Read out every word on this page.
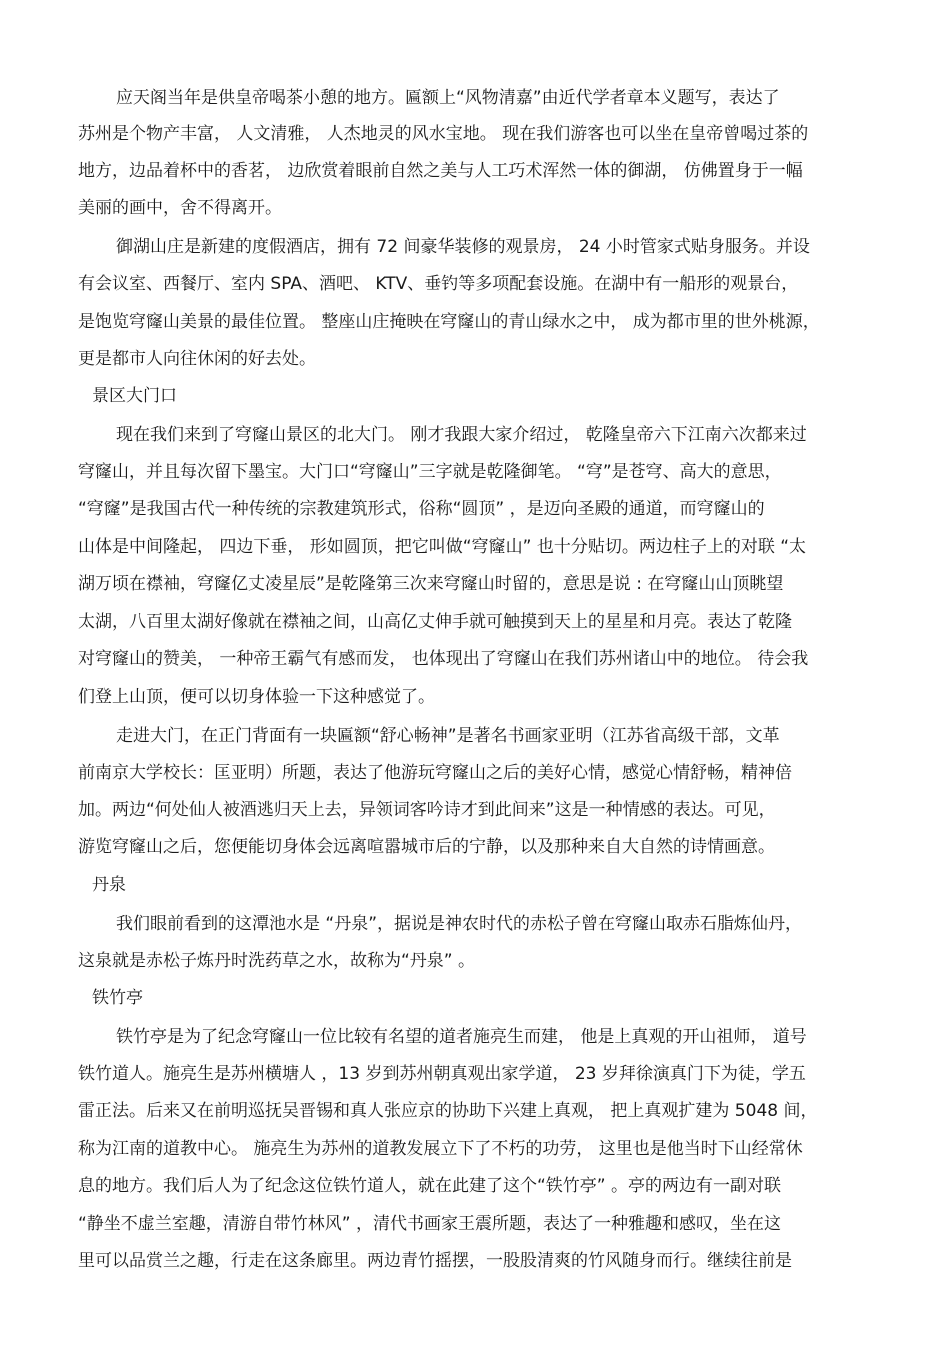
应天阁当年是供皇帝喝茶小憩的地方。匾额上“风物清嘉”由近代学者章本义题写，表达了
苏州是个物产丰富， 人文清雅， 人杰地灵的风水宝地。 现在我们游客也可以坐在皇帝曾喝过茶的
地方，边品着杯中的香茗， 边欣赏着眼前自然之美与人工巧术浑然一体的御湖， 仿佛置身于一幅
美丽的画中，舍不得离开。
御湖山庄是新建的度假酒店，拥有 72 间豪华装修的观景房， 24 小时管家式贴身服务。并设
有会议室、西餐厅、室内 SPA、酒吧、 KTV、垂钓等多项配套设施。在湖中有一船形的观景台，
是饱览穹窿山美景的最佳位置。 整座山庄掩映在穹窿山的青山绿水之中， 成为都市里的世外桃源，
更是都市人向往休闲的好去处。
景区大门口
现在我们来到了穹窿山景区的北大门。 刚才我跟大家介绍过， 乾隆皇帝六下江南六次都来过
穹窿山，并且每次留下墨宝。大门口“穹窿山”三字就是乾隆御笔。 “穹”是苍穹、高大的意思，
“穹窿”是我国古代一种传统的宗教建筑形式，俗称“圆顶” ，是迈向圣殿的通道，而穹窿山的
山体是中间隆起， 四边下垂， 形如圆顶，把它叫做“穹窿山” 也十分贴切。两边柱子上的对联 “太
湖万顷在襟袖，穹窿亿丈凌星辰”是乾隆第三次来穹窿山时留的，意思是说 : 在穹窿山山顶眺望
太湖，八百里太湖好像就在襟袖之间，山高亿丈伸手就可触摸到天上的星星和月亮。表达了乾隆
对穹窿山的赞美， 一种帝王霸气有感而发， 也体现出了穹窿山在我们苏州诸山中的地位。 待会我
们登上山顶，便可以切身体验一下这种感觉了。
走进大门，在正门背面有一块匾额“舒心畅神”是著名书画家亚明（江苏省高级干部，文革
前南京大学校长：匡亚明）所题，表达了他游玩穹窿山之后的美好心情，感觉心情舒畅，精神倍
加。两边“何处仙人被酒逃归天上去，异领词客吟诗才到此间来”这是一种情感的表达。可见，
游览穹窿山之后，您便能切身体会远离喧嚣城市后的宁静，以及那种来自大自然的诗情画意。
丹泉
我们眼前看到的这潭池水是 “丹泉”，据说是神农时代的赤松子曾在穹窿山取赤石脂炼仙丹，
这泉就是赤松子炼丹时洗药草之水，故称为“丹泉” 。
铁竹亭
铁竹亭是为了纪念穹窿山一位比较有名望的道者施亮生而建， 他是上真观的开山祖师， 道号
铁竹道人。施亮生是苏州横塘人 ，13 岁到苏州朝真观出家学道， 23 岁拜徐演真门下为徒，学五
雷正法。后来又在前明巡抚吴晋锡和真人张应京的协助下兴建上真观， 把上真观扩建为 5048 间，
称为江南的道教中心。 施亮生为苏州的道教发展立下了不朽的功劳， 这里也是他当时下山经常休
息的地方。我们后人为了纪念这位铁竹道人，就在此建了这个“铁竹亭” 。亭的两边有一副对联
“静坐不虚兰室趣，清游自带竹林风” ，清代书画家王震所题，表达了一种雅趣和感叹，坐在这
里可以品赏兰之趣，行走在这条廊里。两边青竹摇摆，一股股清爽的竹风随身而行。继续往前是
